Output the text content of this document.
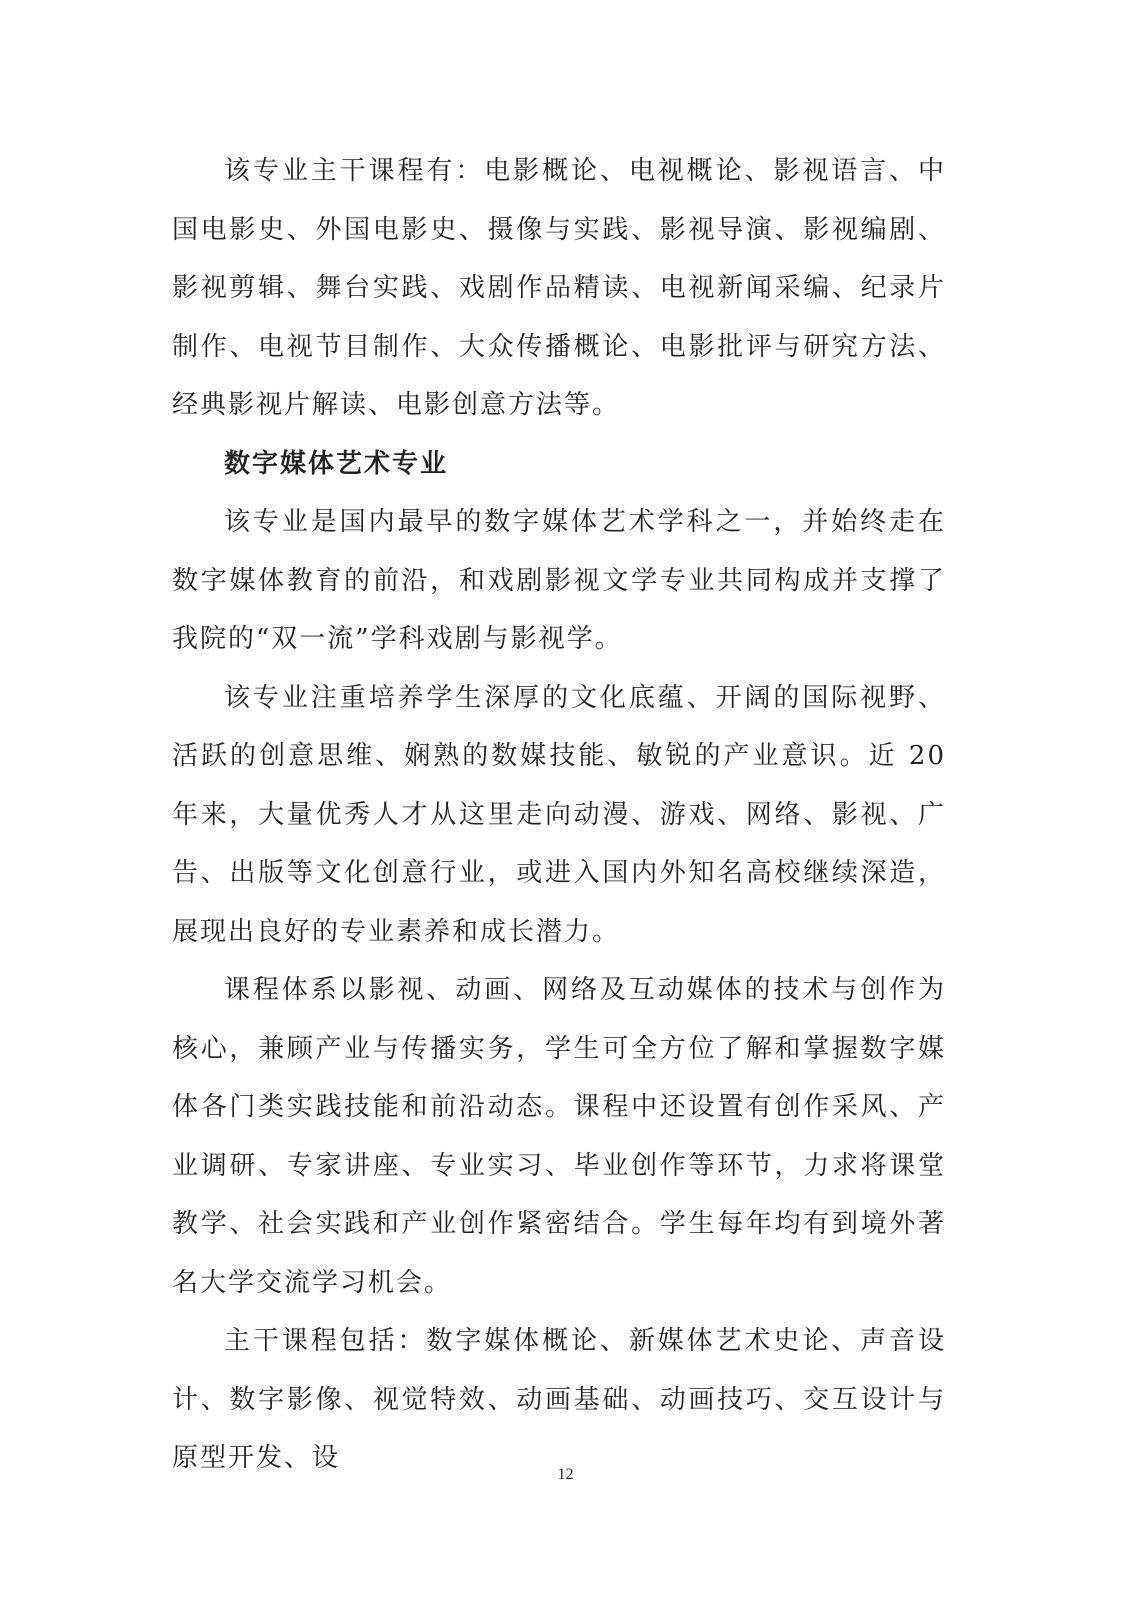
该专业主干课程有：电影概论、电视概论、影视语言、中国电影史、外国电影史、摄像与实践、影视导演、影视编剧、影视剪辑、舞台实践、戏剧作品精读、电视新闻采编、纪录片制作、电视节目制作、大众传播概论、电影批评与研究方法、经典影视片解读、电影创意方法等。

数字媒体艺术专业

该专业是国内最早的数字媒体艺术学科之一，并始终走在数字媒体教育的前沿，和戏剧影视文学专业共同构成并支撑了我院的“双一流”学科戏剧与影视学。

该专业注重培养学生深厚的文化底蕴、开阔的国际视野、活跃的创意思维、娴熟的数媒技能、敏锐的产业意识。近 20 年来，大量优秀人才从这里走向动漫、游戏、网络、影视、广告、出版等文化创意行业，或进入国内外知名高校继续深造，展现出良好的专业素养和成长潜力。

课程体系以影视、动画、网络及互动媒体的技术与创作为核心，兼顾产业与传播实务，学生可全方位了解和掌握数字媒体各门类实践技能和前沿动态。课程中还设置有创作采风、产业调研、专家讲座、专业实习、毕业创作等环节，力求将课堂教学、社会实践和产业创作紧密结合。学生每年均有到境外著名大学交流学习机会。

主干课程包括：数字媒体概论、新媒体艺术史论、声音设计、数字影像、视觉特效、动画基础、动画技巧、交互设计与原型开发、设

12
